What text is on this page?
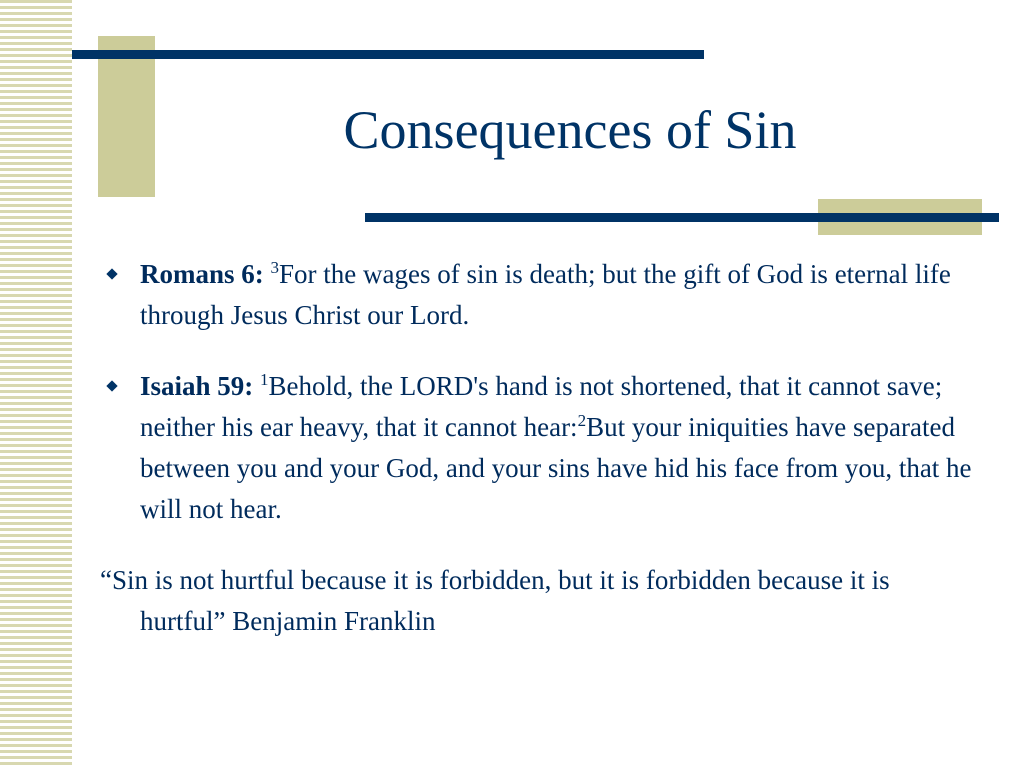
Consequences of Sin
Romans 6: $^3$For the wages of sin is death; but the gift of God is eternal life through Jesus Christ our Lord.
Isaiah 59: $^1$Behold, the LORD's hand is not shortened, that it cannot save; neither his ear heavy, that it cannot hear:$^2$But your iniquities have separated between you and your God, and your sins have hid his face from you, that he will not hear.
“Sin is not hurtful because it is forbidden, but it is forbidden because it is hurtful” Benjamin Franklin
